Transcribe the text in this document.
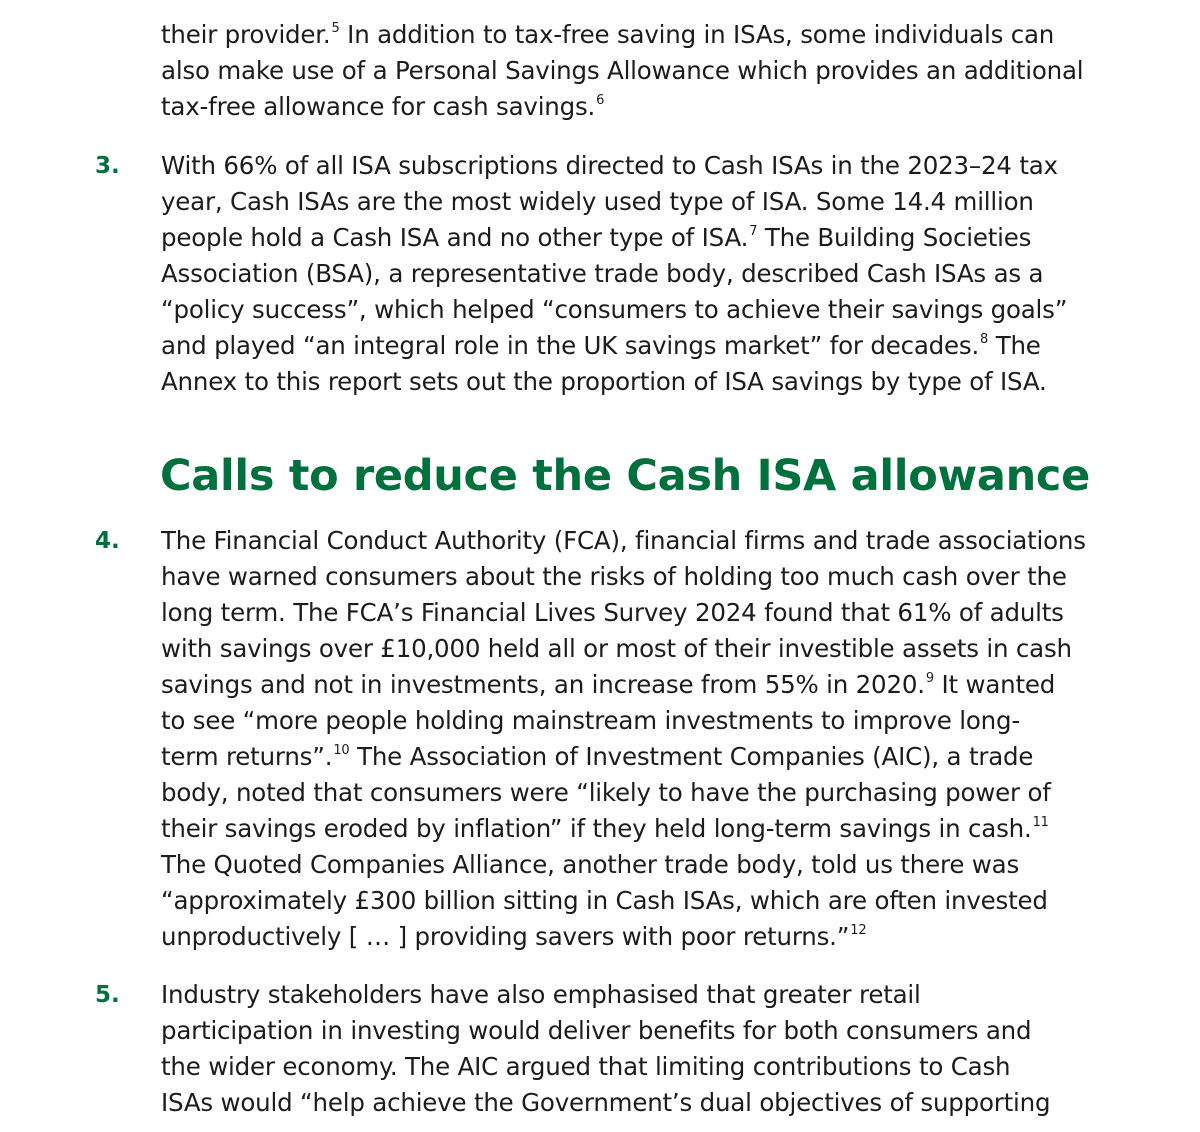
their provider.$^5$ In addition to tax-free saving in ISAs, some individuals can
also make use of a Personal Savings Allowance which provides an additional
tax-free allowance for cash savings.$^6$
3. With 66% of all ISA subscriptions directed to Cash ISAs in the 2023–24 tax
year, Cash ISAs are the most widely used type of ISA. Some 14.4 million
people hold a Cash ISA and no other type of ISA.$^7$ The Building Societies
Association (BSA), a representative trade body, described Cash ISAs as a
“policy success”, which helped “consumers to achieve their savings goals”
and played “an integral role in the UK savings market” for decades.$^8$ The
Annex to this report sets out the proportion of ISA savings by type of ISA.
Calls to reduce the Cash ISA allowance
4. The Financial Conduct Authority (FCA), financial firms and trade associations
have warned consumers about the risks of holding too much cash over the
long term. The FCA’s Financial Lives Survey 2024 found that 61% of adults
with savings over £10,000 held all or most of their investible assets in cash
savings and not in investments, an increase from 55% in 2020.$^9$ It wanted
to see “more people holding mainstream investments to improve long-
term returns”.$^{10}$ The Association of Investment Companies (AIC), a trade
body, noted that consumers were “likely to have the purchasing power of
their savings eroded by inflation” if they held long-term savings in cash.$^{11}$
The Quoted Companies Alliance, another trade body, told us there was
“approximately £300 billion sitting in Cash ISAs, which are often invested
unproductively [ … ] providing savers with poor returns.”$^{12}$
5. Industry stakeholders have also emphasised that greater retail
participation in investing would deliver benefits for both consumers and
the wider economy. The AIC argued that limiting contributions to Cash
ISAs would “help achieve the Government’s dual objectives of supporting
